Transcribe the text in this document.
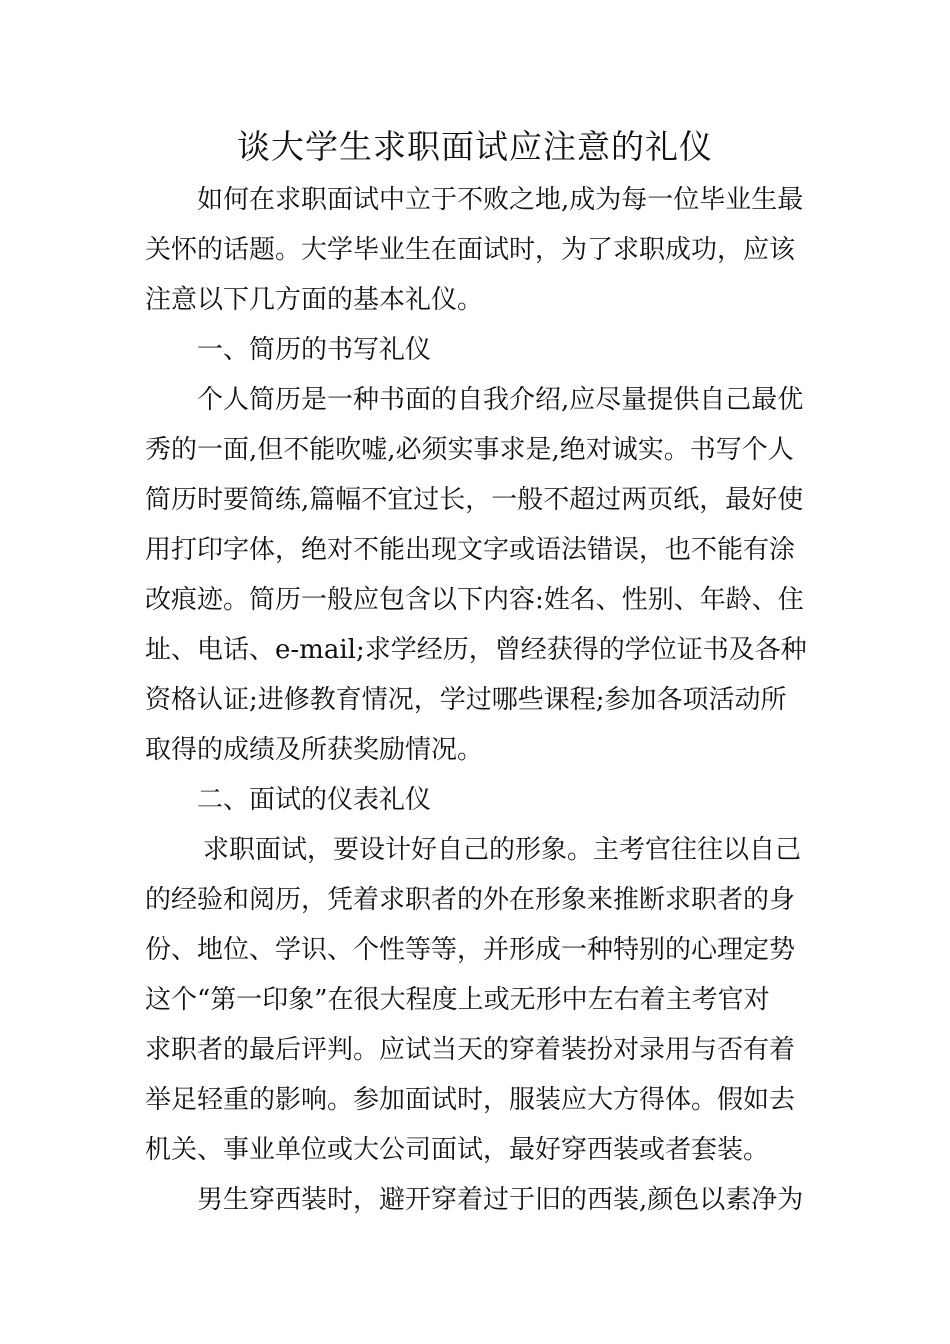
谈大学生求职面试应注意的礼仪

如何在求职面试中立于不败之地,成为每一位毕业生最

关怀的话题。大学毕业生在面试时，为了求职成功，应该

注意以下几方面的基本礼仪。

一、简历的书写礼仪

个人简历是一种书面的自我介绍,应尽量提供自己最优

秀的一面,但不能吹嘘,必须实事求是,绝对诚实。书写个人

简历时要简练,篇幅不宜过长，一般不超过两页纸，最好使

用打印字体，绝对不能出现文字或语法错误，也不能有涂

改痕迹。简历一般应包含以下内容:姓名、性别、年龄、住

址、电话、e-mail;求学经历，曾经获得的学位证书及各种

资格认证;进修教育情况，学过哪些课程;参加各项活动所

取得的成绩及所获奖励情况。

二、面试的仪表礼仪

求职面试，要设计好自己的形象。主考官往往以自己

的经验和阅历，凭着求职者的外在形象来推断求职者的身

份、地位、学识、个性等等，并形成一种特别的心理定势

这个“第一印象”在很大程度上或无形中左右着主考官对

求职者的最后评判。应试当天的穿着装扮对录用与否有着

举足轻重的影响。参加面试时，服装应大方得体。假如去

机关、事业单位或大公司面试，最好穿西装或者套装。

男生穿西装时，避开穿着过于旧的西装,颜色以素净为
